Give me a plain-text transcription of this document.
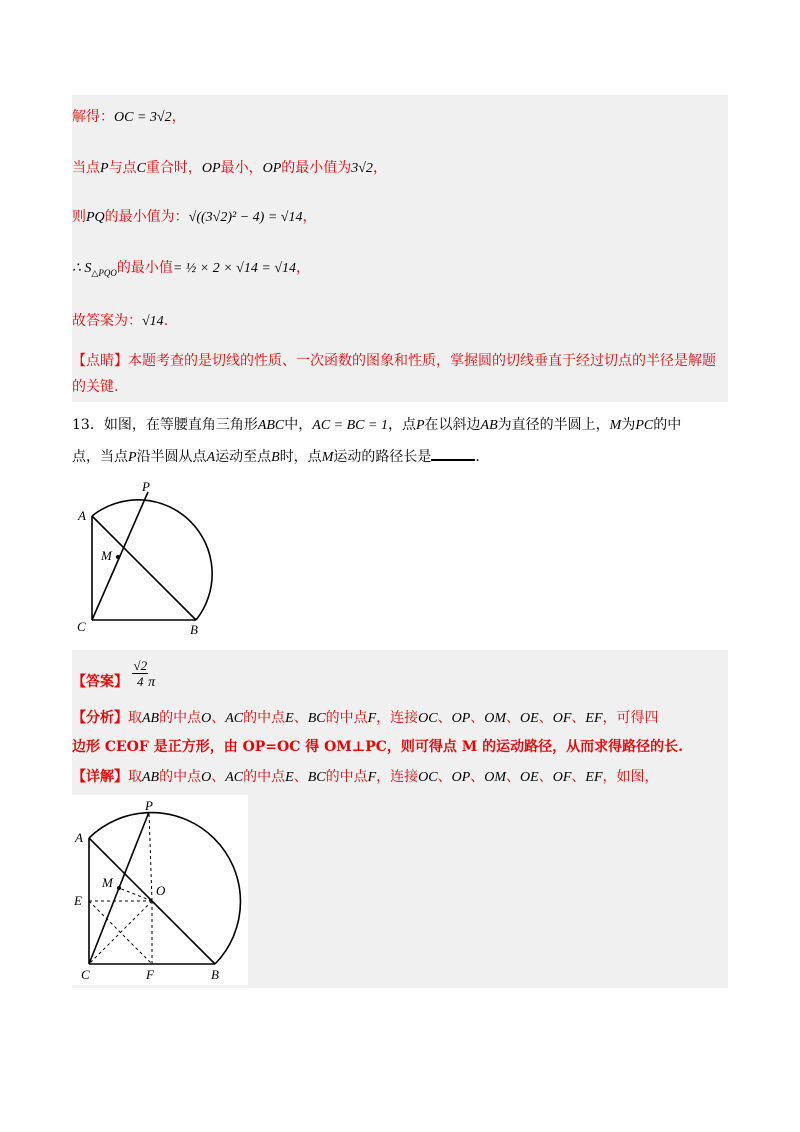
解得：OC = 3√2，
当点P与点C重合时，OP最小，OP的最小值为3√2，
则PQ的最小值为：√((3√2)² − 4) = √14，
∴ $S_{\triangle PQO}$的最小值= ½ × 2 × √14 = √14，
故答案为：√14.
【点睛】本题考查的是切线的性质、一次函数的图象和性质，掌握圆的切线垂直于经过切点的半径是解题
的关键.
13．如图，在等腰直角三角形ABC中，AC = BC = 1，点P在以斜边AB为直径的半圆上，M为PC的中
点，当点P沿半圆从点A运动至点B时，点M运动的路径长是	.
A
P
M
C	B
【答案】 $\frac{√2}{4}$ π
【分析】取AB的中点O、AC的中点E、BC的中点F，连接OC、OP、OM、OE、OF、EF，可得四
边形 CEOF 是正方形，由 OP=OC 得 OM⊥PC，则可得点 M 的运动路径，从而求得路径的长.
【详解】取AB的中点O、AC的中点E、BC的中点F，连接OC、OP、OM、OE、OF、EF，如图，
P
A
M
O
E
C	F	B
